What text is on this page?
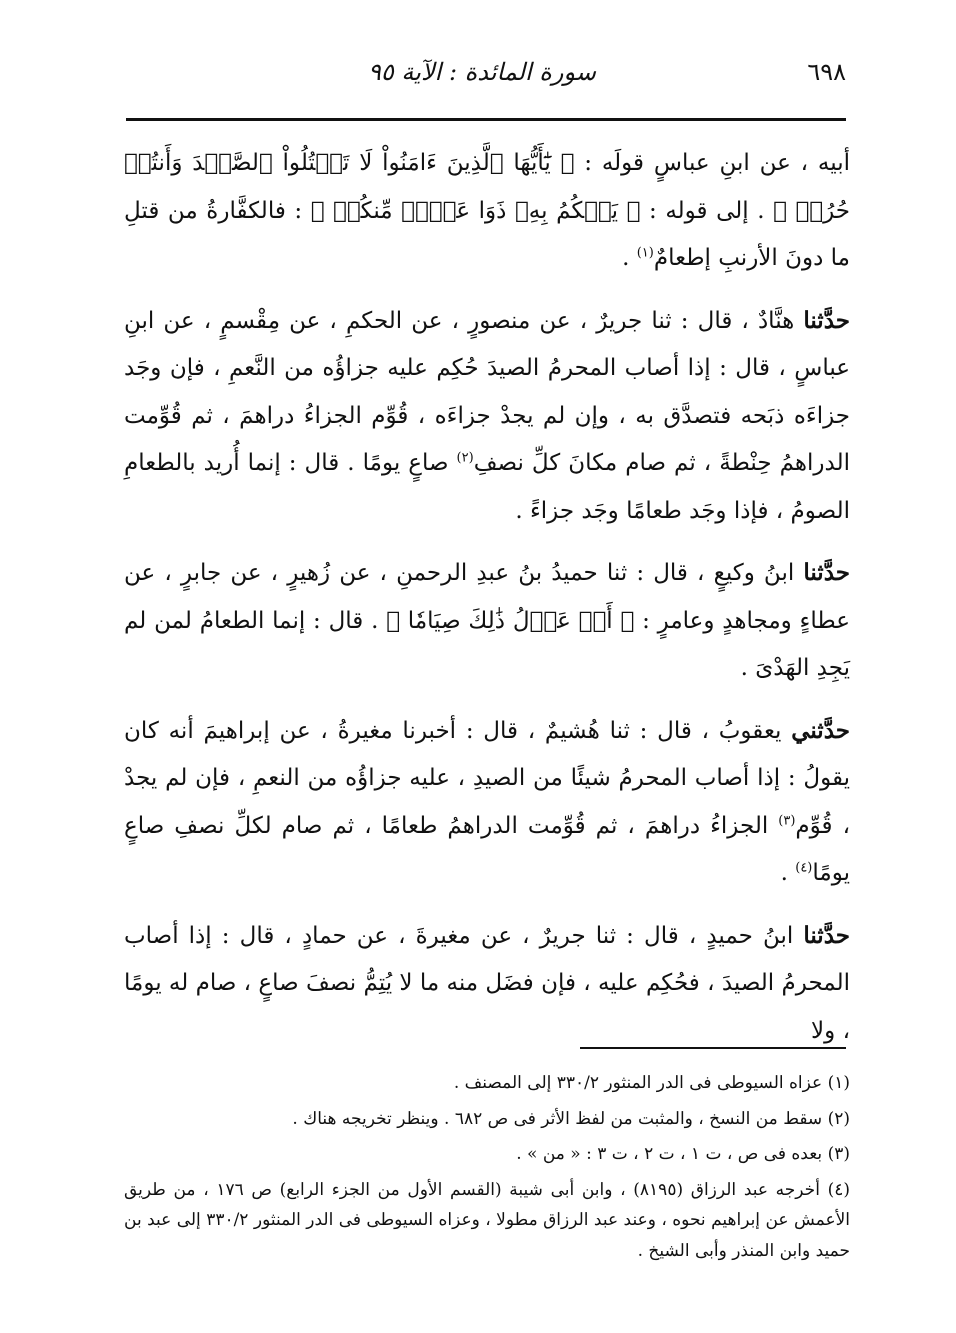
٦٩٨
سورة المائدة : الآية ٩٥

أبيه ، عن ابنِ عباسٍ قولَه : ﴿ يَٰٓأَيُّهَا ٱلَّذِينَ ءَامَنُواْ لَا تَقۡتُلُواْ ٱلصَّيۡدَ وَأَنتُمۡ حُرُمٞ ﴾ . إلى قوله : ﴿ يَحۡكُمُ بِهِۦ ذَوَا عَدۡلٖ مِّنكُمۡ ﴾ : فالكفَّارةُ من قتلِ ما دونَ الأرنبِ إطعامٌ$^{(١)}$ .

حدَّثنا هنَّادٌ ، قال : ثنا جريرٌ ، عن منصورٍ ، عن الحكمِ ، عن مِقْسمٍ ، عن ابنِ عباسٍ ، قال : إذا أصاب المحرمُ الصيدَ حُكِم عليه جزاؤُه من النَّعمِ ، فإن وجَد جزاءَه ذبَحه فتصدَّق به ، وإن لم يجدْ جزاءَه ، قُوِّم الجزاءُ دراهمَ ، ثم قُوِّمت الدراهمُ حِنْطةً ، ثم صام مكانَ كلِّ نصفِ$^{(٢)}$ صاعٍ يومًا . قال : إنما أُريد بالطعامِ الصومُ ، فإذا وجَد طعامًا وجَد جزاءً .

حدَّثنا ابنُ وكيعٍ ، قال : ثنا حميدُ بنُ عبدِ الرحمنِ ، عن زُهيرٍ ، عن جابرٍ ، عن عطاءٍ ومجاهدٍ وعامرٍ : ﴿ أَوۡ عَدۡلُ ذَٰلِكَ صِيَامٗا ﴾ . قال : إنما الطعامُ لمن لم يَجِدِ الهَدْىَ .

حدَّثني يعقوبُ ، قال : ثنا هُشيمٌ ، قال : أخبرنا مغيرةُ ، عن إبراهيمَ أنه كان يقولُ : إذا أصاب المحرمُ شيئًا من الصيدِ ، عليه جزاؤُه من النعمِ ، فإن لم يجدْ ، قُوِّم$^{(٣)}$ الجزاءُ دراهمَ ، ثم قُوِّمت الدراهمُ طعامًا ، ثم صام لكلِّ نصفِ صاعٍ يومًا$^{(٤)}$ .

حدَّثنا ابنُ حميدٍ ، قال : ثنا جريرٌ ، عن مغيرةَ ، عن حمادٍ ، قال : إذا أصاب المحرمُ الصيدَ ، فحُكِم عليه ، فإن فضَل منه ما لا يُتِمُّ نصفَ صاعٍ ، صام له يومًا ، ولا

(١) عزاه السيوطى فى الدر المنثور ٣٣٠/٢ إلى المصنف .

(٢) سقط من النسخ ، والمثبت من لفظ الأثر فى ص ٦٨٢ . وينظر تخريجه هناك .

(٣) بعده فى ص ، ت ١ ، ت ٢ ، ت ٣ : « من » .

(٤) أخرجه عبد الرزاق (٨١٩٥) ، وابن أبى شيبة (القسم الأول من الجزء الرابع) ص ١٧٦ ، من طريق الأعمش عن إبراهيم نحوه ، وعند عبد الرزاق مطولا ، وعزاه السيوطى فى الدر المنثور ٣٣٠/٢ إلى عبد بن حميد وابن المنذر وأبى الشيخ .
